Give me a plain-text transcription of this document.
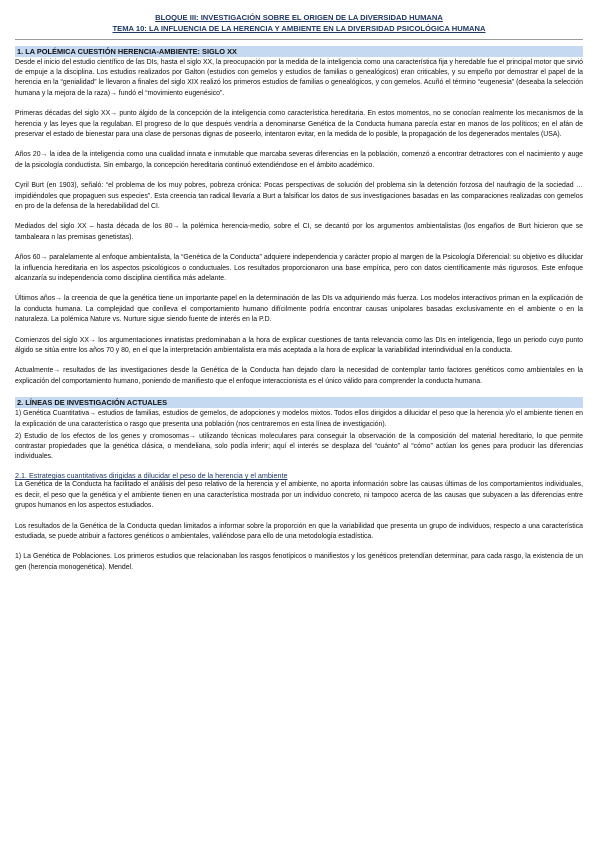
BLOQUE III: INVESTIGACIÓN SOBRE EL ORIGEN DE LA DIVERSIDAD HUMANA
TEMA 10: LA INFLUENCIA DE LA HERENCIA Y AMBIENTE EN LA DIVERSIDAD PSICOLÓGICA HUMANA
1. LA POLÉMICA CUESTIÓN HERENCIA-AMBIENTE: SIGLO XX

Desde el inicio del estudio científico de las DIs, hasta el siglo XX, la preocupación por la medida de la inteligencia como una característica fija y heredable fue el principal motor que sirvió de empuje a la disciplina. Los estudios realizados por Galton (estudios con gemelos y estudios de familias o genealógicos) eran criticables, y su empeño por demostrar el papel de la herencia en la “genialidad” le llevaron a finales del siglo XIX realizó los primeros estudios de familias o genealógicos, y con gemelos. Acuñó el término “eugenesia” (deseaba la selección humana y la mejora de la raza)→ fundó el “movimiento eugenésico”.

Primeras décadas del siglo XX→ punto álgido de la concepción de la inteligencia como característica hereditaria. En estos momentos, no se conocían realmente los mecanismos de la herencia y las leyes que la regulaban. El progreso de lo que después vendría a denominarse Genética de la Conducta humana parecía estar en manos de los políticos; en el afán de preservar el estado de bienestar para una clase de personas dignas de poseerlo, intentaron evitar, en la medida de lo posible, la propagación de los degenerados mentales (USA).

Años 20→ la idea de la inteligencia como una cualidad innata e inmutable que marcaba severas diferencias en la población, comenzó a encontrar detractores con el nacimiento y auge de la psicología conductista. Sin embargo, la concepción hereditaria continuó extendiéndose en el ámbito académico.

Cyril Burt (en 1903), señaló: “el problema de los muy pobres, pobreza crónica: Pocas perspectivas de solución del problema sin la detención forzosa del naufragio de la sociedad … impidiéndoles que propaguen sus especies”. Esta creencia tan radical llevaría a Burt a falsificar los datos de sus investigaciones basadas en las comparaciones realizadas con gemelos en pro de la defensa de la heredabilidad del CI.

Mediados del siglo XX – hasta década de los 80→ la polémica herencia-medio, sobre el CI, se decantó por los argumentos ambientalistas (los engaños de Burt hicieron que se tambaleara n las premisas genetistas).

Años 60→ paralelamente al enfoque ambientalista, la “Genética de la Conducta” adquiere independencia y carácter propio al margen de la Psicología Diferencial: su objetivo es dilucidar la influencia hereditaria en los aspectos psicológicos o conductuales. Los resultados proporcionaron una base empírica, pero con datos científicamente más rigurosos. Este enfoque alcanzaría su independencia como disciplina científica más adelante.

Últimos años→ la creencia de que la genética tiene un importante papel en la determinación de las DIs va adquiriendo más fuerza. Los modelos interactivos priman en la explicación de la conducta humana. La complejidad que conlleva el comportamiento humano difícilmente podría encontrar causas unipolares basadas exclusivamente en el ambiente o en la naturaleza. La polémica Nature vs. Nurture sigue siendo fuente de interés en la P.D.

Comienzos del siglo XX→ los argumentaciones innatistas predominaban a la hora de explicar cuestiones de tanta relevancia como las DIs en inteligencia, llego un periodo cuyo punto álgido se sitúa entre los años 70 y 80, en el que la interpretación ambientalista era más aceptada a la hora de explicar la variabilidad interindividual en la conducta.

Actualmente→ resultados de las investigaciones desde la Genética de la Conducta han dejado claro la necesidad de contemplar tanto factores genéticos como ambientales en la explicación del comportamiento humano, poniendo de manifiesto que el enfoque interaccionista es el único válido para comprender la conducta humana.

2. LÍNEAS DE INVESTIGACIÓN ACTUALES

1) Genética Cuantitativa→ estudios de familias, estudios de gemelos, de adopciones y modelos mixtos. Todos ellos dirigidos a dilucidar el peso que la herencia y/o el ambiente tienen en la explicación de una característica o rasgo que presenta una población (nos centraremos en esta línea de investigación).

2) Estudio de los efectos de los genes y cromosomas→ utilizando técnicas moleculares para conseguir la observación de la composición del material hereditario, lo que permite contrastar propiedades que la genética clásica, o mendeliana, solo podía inferir; aquí el interés se desplaza del “cuánto” al “cómo” actúan los genes para producir las diferencias individuales.

2.1. Estrategias cuantitativas dirigidas a dilucidar el peso de la herencia y el ambiente

La Genética de la Conducta ha facilitado el análisis del peso relativo de la herencia y el ambiente, no aporta información sobre las causas últimas de los comportamientos individuales, es decir, el peso que la genética y el ambiente tienen en una característica mostrada por un individuo concreto, ni tampoco acerca de las causas que subyacen a las diferencias entre grupos humanos en los aspectos estudiados.

Los resultados de la Genética de la Conducta quedan limitados a informar sobre la proporción en que la variabilidad que presenta un grupo de individuos, respecto a una característica estudiada, se puede atribuir a factores genéticos o ambientales, valiéndose para ello de una metodología estadística.

1) La Genética de Poblaciones. Los primeros estudios que relacionaban los rasgos fenotípicos o manifiestos y los genéticos pretendían determinar, para cada rasgo, la existencia de un gen (herencia monogenética). Mendel.
